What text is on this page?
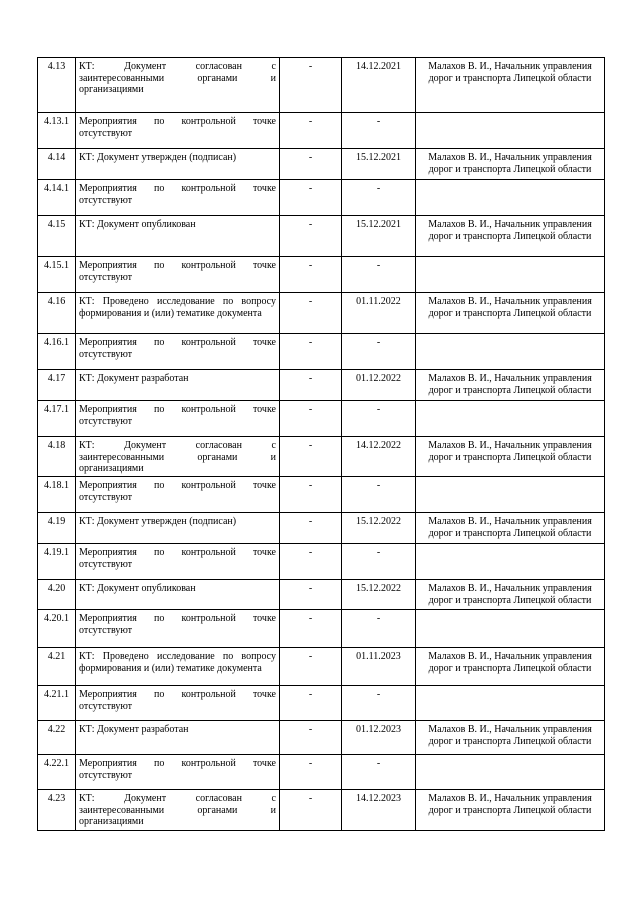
4.13	КТ: Документ согласован с заинтересованными органами и организациями	-	14.12.2021	Малахов В. И., Начальник управления дорог и транспорта Липецкой области
4.13.1	Мероприятия по контрольной точке отсутствуют	-	-	
4.14	КТ: Документ утвержден (подписан)	-	15.12.2021	Малахов В. И., Начальник управления дорог и транспорта Липецкой области
4.14.1	Мероприятия по контрольной точке отсутствуют	-	-	
4.15	КТ: Документ опубликован	-	15.12.2021	Малахов В. И., Начальник управления дорог и транспорта Липецкой области
4.15.1	Мероприятия по контрольной точке отсутствуют	-	-	
4.16	КТ: Проведено исследование по вопросу формирования и (или) тематике документа	-	01.11.2022	Малахов В. И., Начальник управления дорог и транспорта Липецкой области
4.16.1	Мероприятия по контрольной точке отсутствуют	-	-	
4.17	КТ: Документ разработан	-	01.12.2022	Малахов В. И., Начальник управления дорог и транспорта Липецкой области
4.17.1	Мероприятия по контрольной точке отсутствуют	-	-	
4.18	КТ: Документ согласован с заинтересованными органами и организациями	-	14.12.2022	Малахов В. И., Начальник управления дорог и транспорта Липецкой области
4.18.1	Мероприятия по контрольной точке отсутствуют	-	-	
4.19	КТ: Документ утвержден (подписан)	-	15.12.2022	Малахов В. И., Начальник управления дорог и транспорта Липецкой области
4.19.1	Мероприятия по контрольной точке отсутствуют	-	-	
4.20	КТ: Документ опубликован	-	15.12.2022	Малахов В. И., Начальник управления дорог и транспорта Липецкой области
4.20.1	Мероприятия по контрольной точке отсутствуют	-	-	
4.21	КТ: Проведено исследование по вопросу формирования и (или) тематике документа	-	01.11.2023	Малахов В. И., Начальник управления дорог и транспорта Липецкой области
4.21.1	Мероприятия по контрольной точке отсутствуют	-	-	
4.22	КТ: Документ разработан	-	01.12.2023	Малахов В. И., Начальник управления дорог и транспорта Липецкой области
4.22.1	Мероприятия по контрольной точке отсутствуют	-	-	
4.23	КТ: Документ согласован с заинтересованными органами и организациями	-	14.12.2023	Малахов В. И., Начальник управления дорог и транспорта Липецкой области
